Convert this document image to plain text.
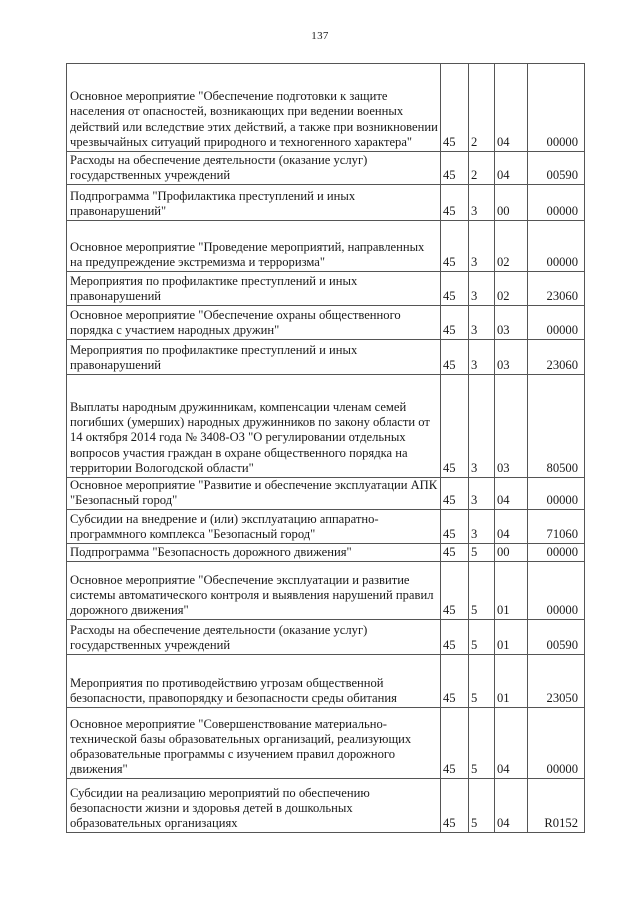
137
Основное мероприятие "Обеспечение подготовки к защите населения от опасностей, возникающих при ведении военных действий или вследствие этих действий, а также при возникновении чрезвычайных ситуаций природного и техногенного характера"	45	2	04	00000
Расходы на обеспечение деятельности (оказание услуг) государственных учреждений	45	2	04	00590
Подпрограмма "Профилактика преступлений и иных правонарушений"	45	3	00	00000
Основное мероприятие "Проведение мероприятий, направленных на предупреждение экстремизма и терроризма"	45	3	02	00000
Мероприятия по профилактике преступлений и иных правонарушений	45	3	02	23060
Основное мероприятие "Обеспечение охраны общественного порядка с участием народных дружин"	45	3	03	00000
Мероприятия по профилактике преступлений и иных правонарушений	45	3	03	23060
Выплаты народным дружинникам, компенсации членам семей погибших (умерших) народных дружинников по закону области от 14 октября 2014 года № 3408-ОЗ "О регулировании отдельных вопросов участия граждан в охране общественного порядка на территории Вологодской области"	45	3	03	80500
Основное мероприятие "Развитие и обеспечение эксплуатации АПК "Безопасный город"	45	3	04	00000
Субсидии на внедрение и (или) эксплуатацию аппаратно-программного комплекса "Безопасный город"	45	3	04	71060
Подпрограмма "Безопасность дорожного движения"	45	5	00	00000
Основное мероприятие "Обеспечение эксплуатации и развитие системы автоматического контроля и выявления нарушений правил дорожного движения"	45	5	01	00000
Расходы на обеспечение деятельности (оказание услуг) государственных учреждений	45	5	01	00590
Мероприятия по противодействию угрозам общественной безопасности, правопорядку и безопасности среды обитания	45	5	01	23050
Основное мероприятие "Совершенствование материально-технической базы образовательных организаций, реализующих образовательные программы с изучением правил дорожного движения"	45	5	04	00000
Субсидии на реализацию мероприятий по обеспечению безопасности жизни и здоровья детей в дошкольных образовательных организациях	45	5	04	R0152
